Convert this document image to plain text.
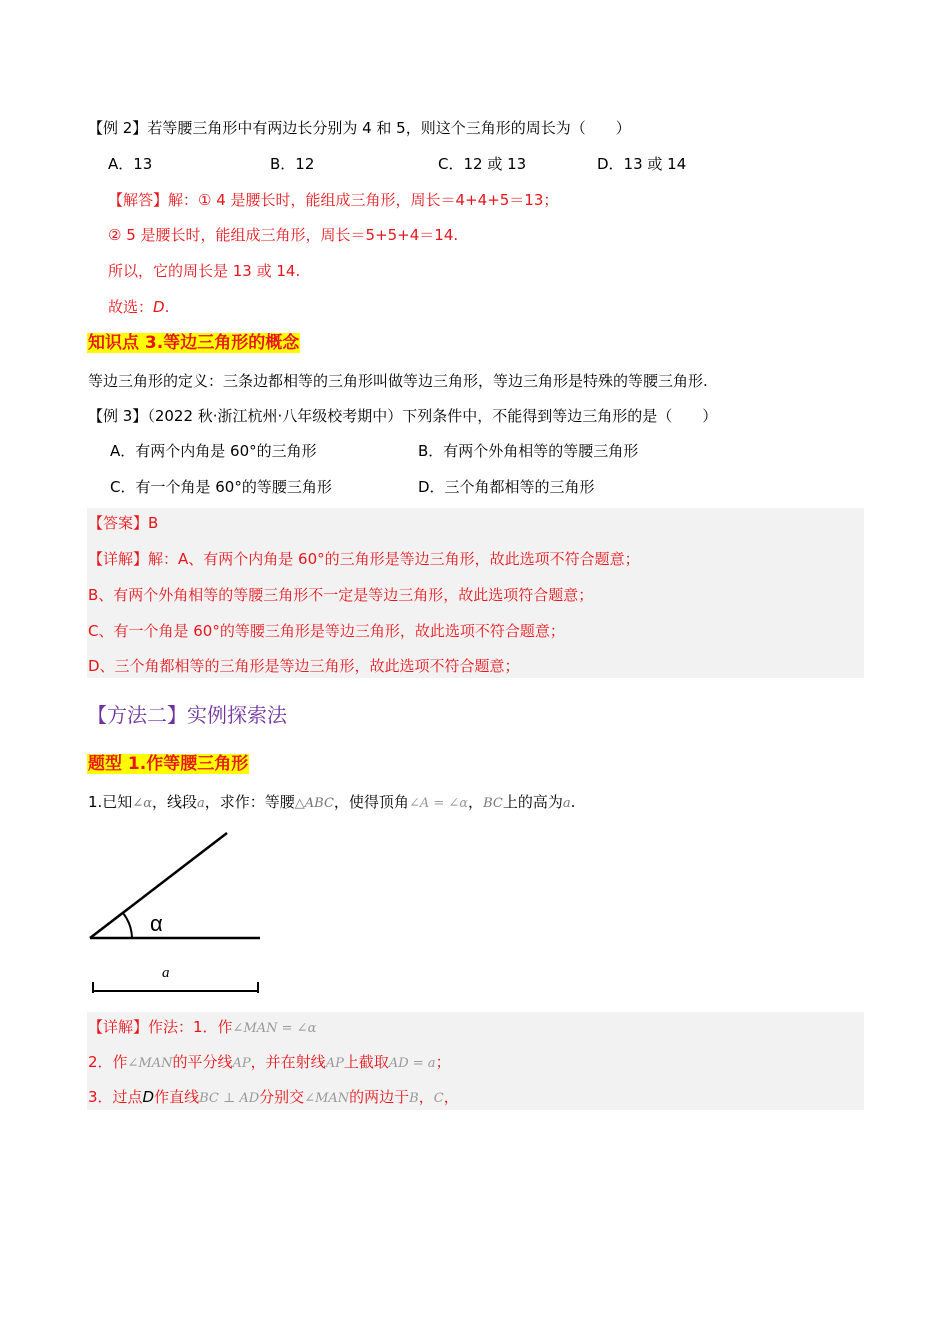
【例 2】若等腰三角形中有两边长分别为 4 和 5，则这个三角形的周长为（　　）
A．13	B．12	C．12 或 13	D．13 或 14
【解答】解：① 4 是腰长时，能组成三角形，周长＝4+4+5＝13；
② 5 是腰长时，能组成三角形，周长＝5+5+4＝14.
所以，它的周长是 13 或 14.
故选：D.
知识点 3.等边三角形的概念
等边三角形的定义：三条边都相等的三角形叫做等边三角形，等边三角形是特殊的等腰三角形.
【例 3】（2022 秋·浙江杭州·八年级校考期中）下列条件中，不能得到等边三角形的是（　　）
A．有两个内角是 60°的三角形	B．有两个外角相等的等腰三角形
C．有一个角是 60°的等腰三角形	D．三个角都相等的三角形
【答案】B
【详解】解：A、有两个内角是 60°的三角形是等边三角形，故此选项不符合题意；
B、有两个外角相等的等腰三角形不一定是等边三角形，故此选项符合题意；
C、有一个角是 60°的等腰三角形是等边三角形，故此选项不符合题意；
D、三个角都相等的三角形是等边三角形，故此选项不符合题意；
【方法二】实例探索法
题型 1.作等腰三角形
1.已知∠α，线段a，求作：等腰△ABC，使得顶角∠A = ∠α，BC上的高为a.
α
a
【详解】作法：1．作∠MAN = ∠α
2．作∠MAN的平分线AP，并在射线AP上截取AD = a；
3．过点D作直线BC ⊥ AD分别交∠MAN的两边于B，C，
